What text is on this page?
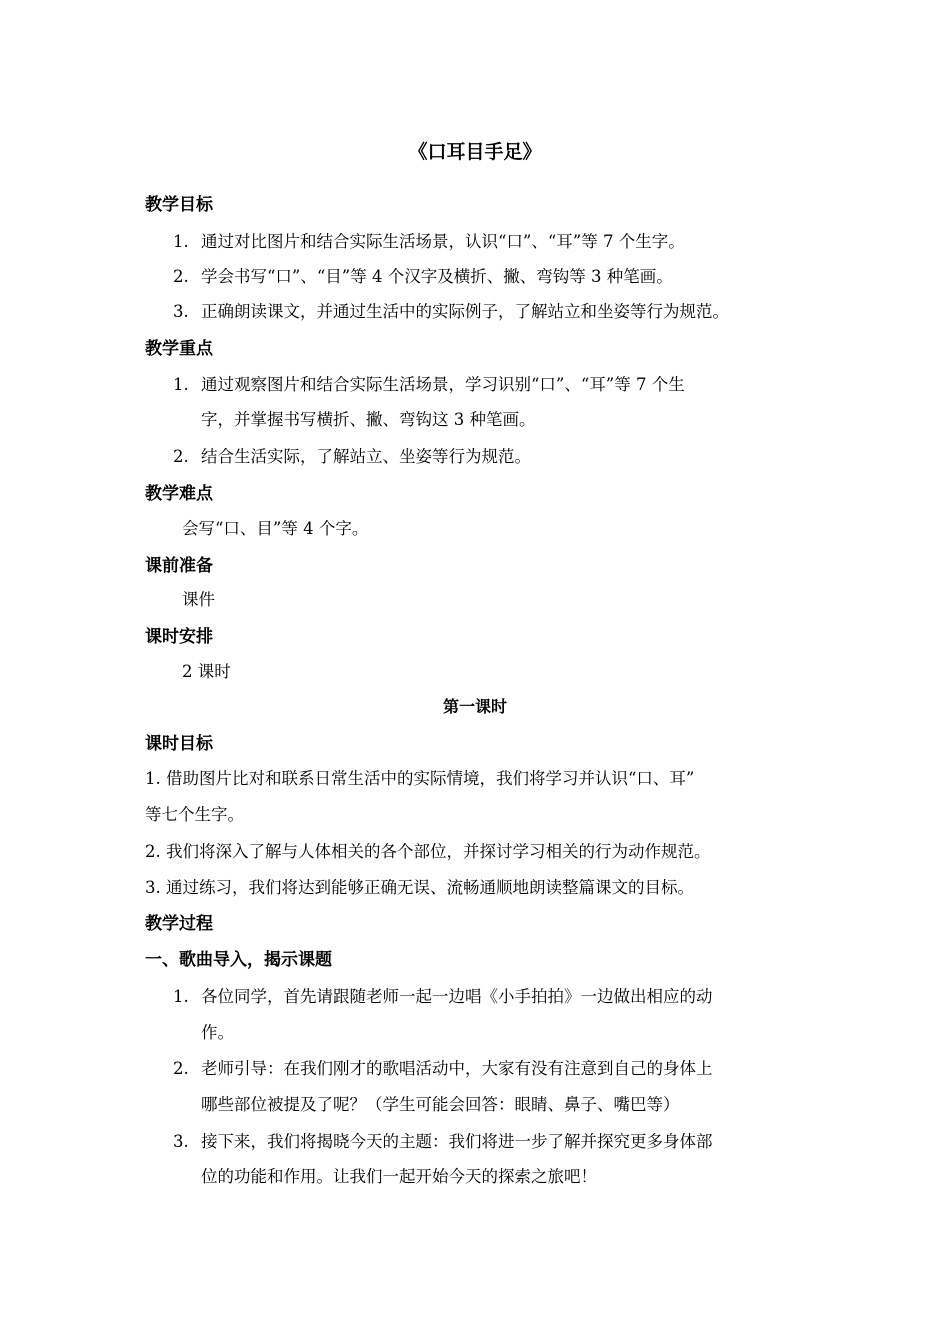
《口耳目手足》
教学目标
1. 通过对比图片和结合实际生活场景，认识“口”、“耳”等 7 个生字。
2. 学会书写“口”、“目”等 4 个汉字及横折、撇、弯钩等 3 种笔画。
3. 正确朗读课文，并通过生活中的实际例子，了解站立和坐姿等行为规范。
教学重点
1. 通过观察图片和结合实际生活场景，学习识别“口”、“耳”等 7 个生
字，并掌握书写横折、撇、弯钩这 3 种笔画。
2. 结合生活实际，了解站立、坐姿等行为规范。
教学难点
会写“口、目”等 4 个字。
课前准备
课件
课时安排
2 课时
第一课时
课时目标
1. 借助图片比对和联系日常生活中的实际情境，我们将学习并认识“口、耳”
等七个生字。
2. 我们将深入了解与人体相关的各个部位，并探讨学习相关的行为动作规范。
3. 通过练习，我们将达到能够正确无误、流畅通顺地朗读整篇课文的目标。
教学过程
一、歌曲导入，揭示课题
1. 各位同学，首先请跟随老师一起一边唱《小手拍拍》一边做出相应的动
作。
2. 老师引导：在我们刚才的歌唱活动中，大家有没有注意到自己的身体上
哪些部位被提及了呢？（学生可能会回答：眼睛、鼻子、嘴巴等）
3. 接下来，我们将揭晓今天的主题：我们将进一步了解并探究更多身体部
位的功能和作用。让我们一起开始今天的探索之旅吧！
